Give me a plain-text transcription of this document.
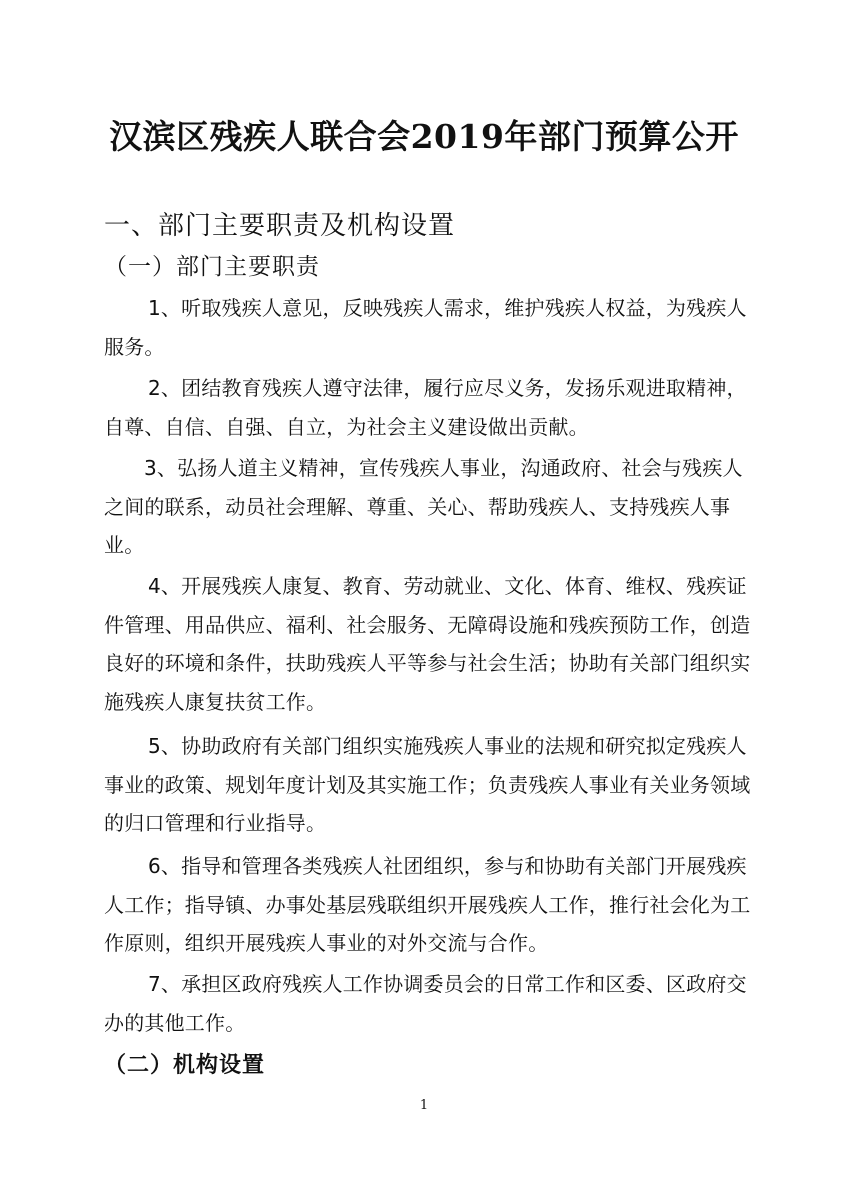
汉滨区残疾人联合会2019年部门预算公开
一、部门主要职责及机构设置
（一）部门主要职责
1、听取残疾人意见，反映残疾人需求，维护残疾人权益，为残疾人
服务。
2、团结教育残疾人遵守法律，履行应尽义务，发扬乐观进取精神，
自尊、自信、自强、自立，为社会主义建设做出贡献。
3、弘扬人道主义精神，宣传残疾人事业，沟通政府、社会与残疾人
之间的联系，动员社会理解、尊重、关心、帮助残疾人、支持残疾人事
业。
4、开展残疾人康复、教育、劳动就业、文化、体育、维权、残疾证
件管理、用品供应、福利、社会服务、无障碍设施和残疾预防工作，创造
良好的环境和条件，扶助残疾人平等参与社会生活；协助有关部门组织实
施残疾人康复扶贫工作。
5、协助政府有关部门组织实施残疾人事业的法规和研究拟定残疾人
事业的政策、规划年度计划及其实施工作；负责残疾人事业有关业务领域
的归口管理和行业指导。
6、指导和管理各类残疾人社团组织，参与和协助有关部门开展残疾
人工作；指导镇、办事处基层残联组织开展残疾人工作，推行社会化为工
作原则，组织开展残疾人事业的对外交流与合作。
7、承担区政府残疾人工作协调委员会的日常工作和区委、区政府交
办的其他工作。
（二）机构设置
1
